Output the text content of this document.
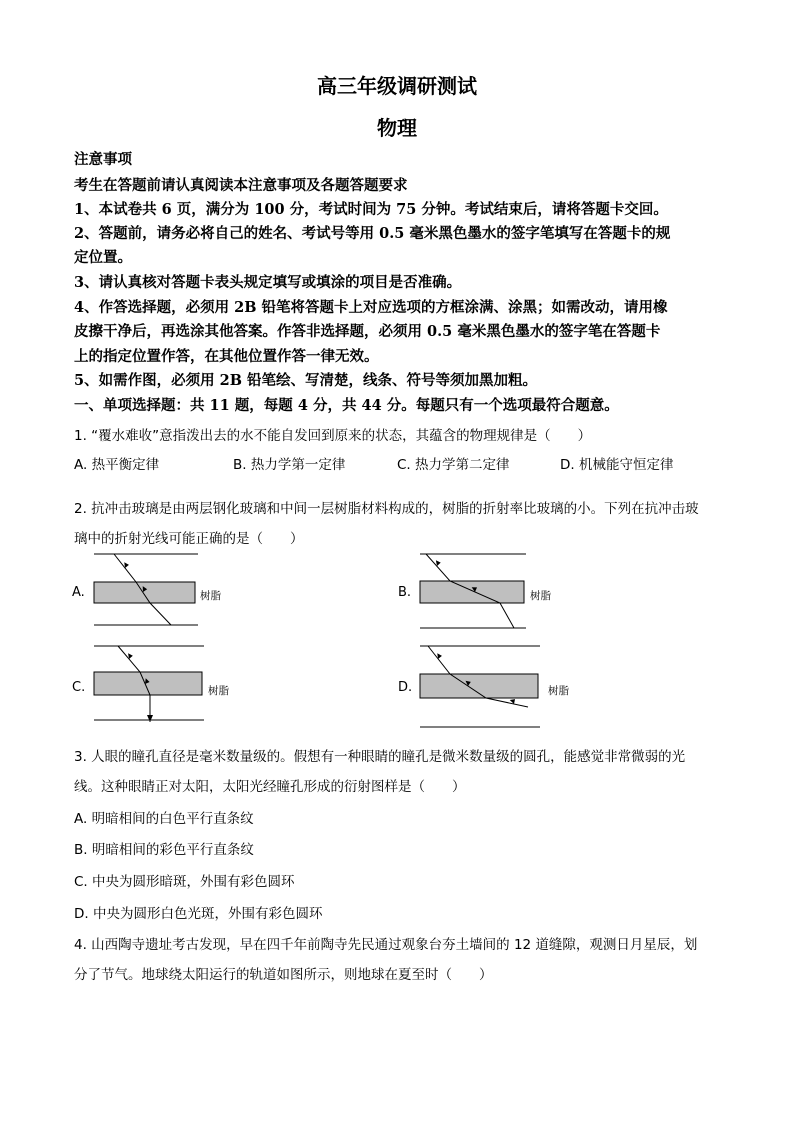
高三年级调研测试
物理
注意事项
考生在答题前请认真阅读本注意事项及各题答题要求
1、本试卷共 6 页，满分为 100 分，考试时间为 75 分钟。考试结束后，请将答题卡交回。
2、答题前，请务必将自己的姓名、考试号等用 0.5 毫米黑色墨水的签字笔填写在答题卡的规
定位置。
3、请认真核对答题卡表头规定填写或填涂的项目是否准确。
4、作答选择题，必须用 2B 铅笔将答题卡上对应选项的方框涂满、涂黑；如需改动，请用橡
皮擦干净后，再选涂其他答案。作答非选择题，必须用 0.5 毫米黑色墨水的签字笔在答题卡
上的指定位置作答，在其他位置作答一律无效。
5、如需作图，必须用 2B 铅笔绘、写清楚，线条、符号等须加黑加粗。
一、单项选择题：共 11 题，每题 4 分，共 44 分。每题只有一个选项最符合题意。
1. “覆水难收”意指泼出去的水不能自发回到原来的状态，其蕴含的物理规律是（　　）
A. 热平衡定律	B. 热力学第一定律	C. 热力学第二定律	D. 机械能守恒定律
2. 抗冲击玻璃是由两层钢化玻璃和中间一层树脂材料构成的，树脂的折射率比玻璃的小。下列在抗冲击玻
璃中的折射光线可能正确的是（　　）
A.	树脂	B.	树脂
C.	树脂	D.	树脂
3. 人眼的瞳孔直径是毫米数量级的。假想有一种眼睛的瞳孔是微米数量级的圆孔，能感觉非常微弱的光
线。这种眼睛正对太阳，太阳光经瞳孔形成的衍射图样是（　　）
A. 明暗相间的白色平行直条纹
B. 明暗相间的彩色平行直条纹
C. 中央为圆形暗斑，外围有彩色圆环
D. 中央为圆形白色光斑，外围有彩色圆环
4. 山西陶寺遗址考古发现，早在四千年前陶寺先民通过观象台夯土墙间的 12 道缝隙，观测日月星辰，划
分了节气。地球绕太阳运行的轨道如图所示，则地球在夏至时（　　）
